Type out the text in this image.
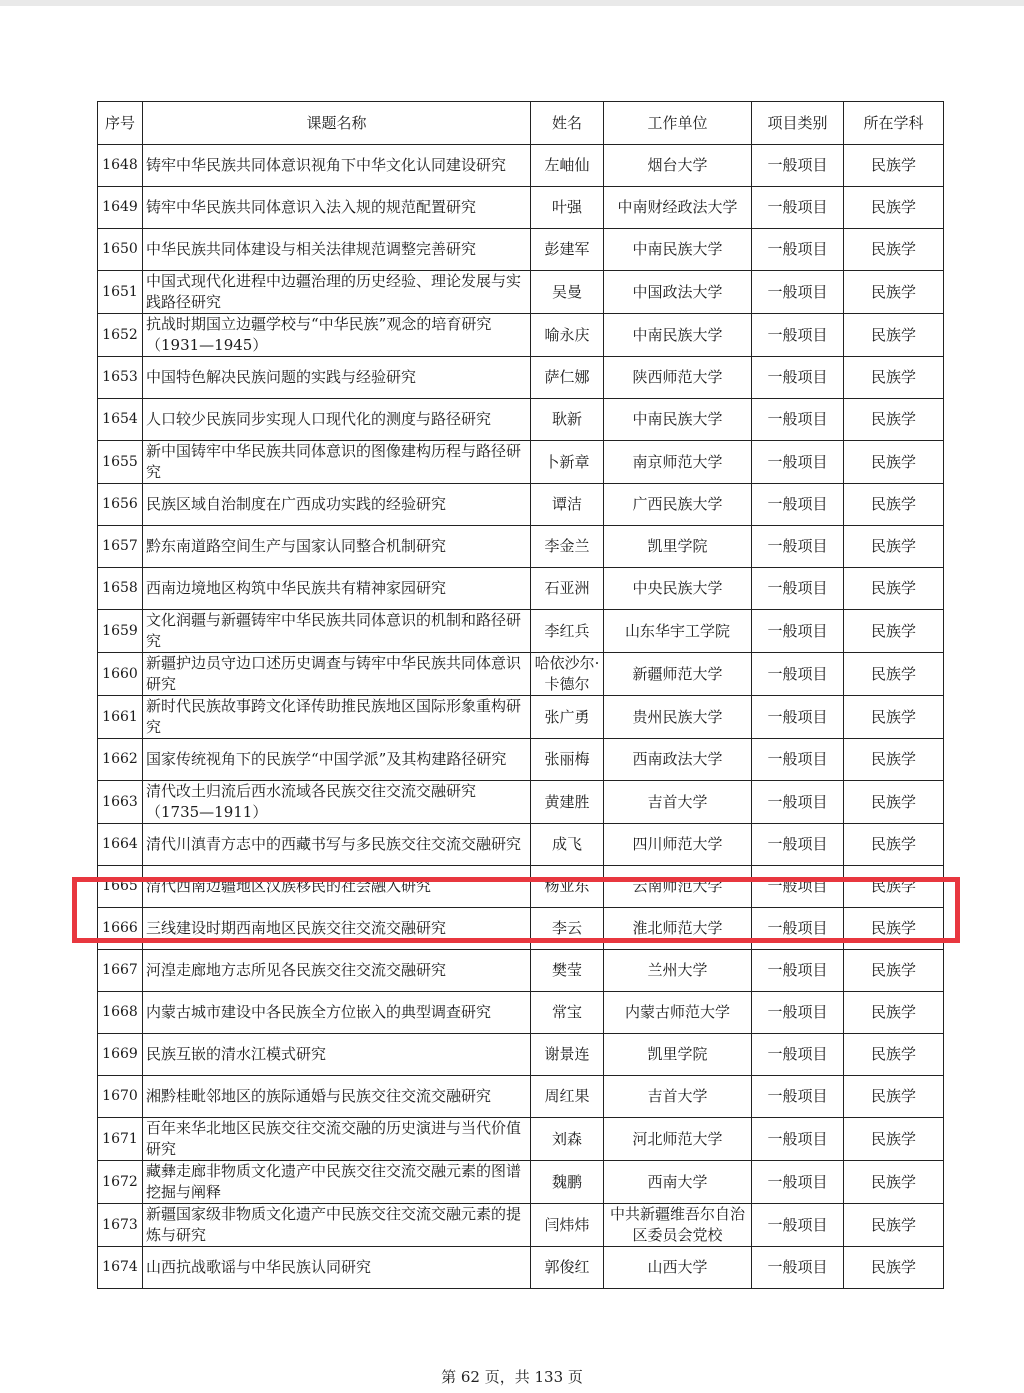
序号	课题名称	姓名	工作单位	项目类别	所在学科
1648	铸牢中华民族共同体意识视角下中华文化认同建设研究	左岫仙	烟台大学	一般项目	民族学
1649	铸牢中华民族共同体意识入法入规的规范配置研究	叶强	中南财经政法大学	一般项目	民族学
1650	中华民族共同体建设与相关法律规范调整完善研究	彭建军	中南民族大学	一般项目	民族学
1651	中国式现代化进程中边疆治理的历史经验、理论发展与实践路径研究	吴曼	中国政法大学	一般项目	民族学
1652	抗战时期国立边疆学校与“中华民族”观念的培育研究（1931—1945）	喻永庆	中南民族大学	一般项目	民族学
1653	中国特色解决民族问题的实践与经验研究	萨仁娜	陕西师范大学	一般项目	民族学
1654	人口较少民族同步实现人口现代化的测度与路径研究	耿新	中南民族大学	一般项目	民族学
1655	新中国铸牢中华民族共同体意识的图像建构历程与路径研究	卜新章	南京师范大学	一般项目	民族学
1656	民族区域自治制度在广西成功实践的经验研究	谭洁	广西民族大学	一般项目	民族学
1657	黔东南道路空间生产与国家认同整合机制研究	李金兰	凯里学院	一般项目	民族学
1658	西南边境地区构筑中华民族共有精神家园研究	石亚洲	中央民族大学	一般项目	民族学
1659	文化润疆与新疆铸牢中华民族共同体意识的机制和路径研究	李红兵	山东华宇工学院	一般项目	民族学
1660	新疆护边员守边口述历史调查与铸牢中华民族共同体意识研究	哈依沙尔·卡德尔	新疆师范大学	一般项目	民族学
1661	新时代民族故事跨文化译传助推民族地区国际形象重构研究	张广勇	贵州民族大学	一般项目	民族学
1662	国家传统视角下的民族学“中国学派”及其构建路径研究	张丽梅	西南政法大学	一般项目	民族学
1663	清代改土归流后西水流域各民族交往交流交融研究（1735—1911）	黄建胜	吉首大学	一般项目	民族学
1664	清代川滇青方志中的西藏书写与多民族交往交流交融研究	成飞	四川师范大学	一般项目	民族学
1665	清代西南边疆地区汉族移民的社会融入研究	杨亚东	云南师范大学	一般项目	民族学
1666	三线建设时期西南地区民族交往交流交融研究	李云	淮北师范大学	一般项目	民族学
1667	河湟走廊地方志所见各民族交往交流交融研究	樊莹	兰州大学	一般项目	民族学
1668	内蒙古城市建设中各民族全方位嵌入的典型调查研究	常宝	内蒙古师范大学	一般项目	民族学
1669	民族互嵌的清水江模式研究	谢景连	凯里学院	一般项目	民族学
1670	湘黔桂毗邻地区的族际通婚与民族交往交流交融研究	周红果	吉首大学	一般项目	民族学
1671	百年来华北地区民族交往交流交融的历史演进与当代价值研究	刘森	河北师范大学	一般项目	民族学
1672	藏彝走廊非物质文化遗产中民族交往交流交融元素的图谱挖掘与阐释	魏鹏	西南大学	一般项目	民族学
1673	新疆国家级非物质文化遗产中民族交往交流交融元素的提炼与研究	闫炜炜	中共新疆维吾尔自治区委员会党校	一般项目	民族学
1674	山西抗战歌谣与中华民族认同研究	郭俊红	山西大学	一般项目	民族学
第 62 页，共 133 页
